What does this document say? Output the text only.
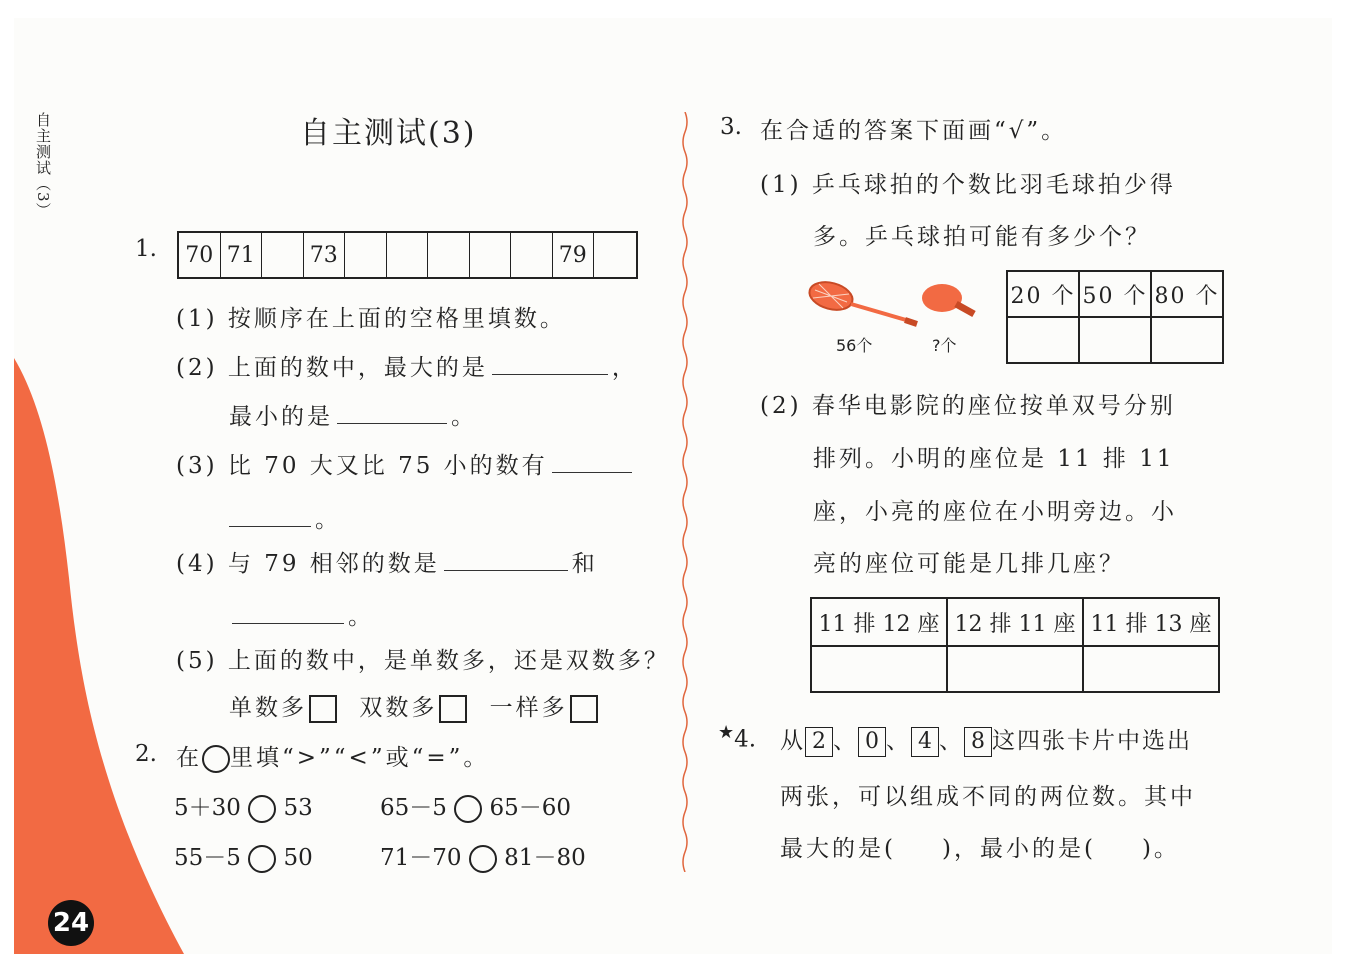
自主测试（3）
24
自主测试(3)
1. 70 71	73	79
(1) 按顺序在上面的空格里填数。
(2) 上面的数中，最大的是	，
最小的是	。
(3) 比 70 大又比 75 小的数有
。
(4) 与 79 相邻的数是	和
。
(5) 上面的数中，是单数多，还是双数多？
单数多 双数多 一样多
2. 在 里填“>”“<”或“=”。
5＋30 53	65－5 65－60
55－5 50	71－70 81－80
3. 在合适的答案下面画“√”。
(1) 乒乓球拍的个数比羽毛球拍少得
多。乒乓球拍可能有多少个？
56个	?个
20 个	50 个	80 个

(2) 春华电影院的座位按单双号分别
排列。小明的座位是 11 排 11
座，小亮的座位在小明旁边。小
亮的座位可能是几排几座？
11 排 12 座	12 排 11 座	11 排 13 座

★4. 从 2 、 0 、 4 、 8 这四张卡片中选出
两张，可以组成不同的两位数。其中
最大的是( )，最小的是( )。
